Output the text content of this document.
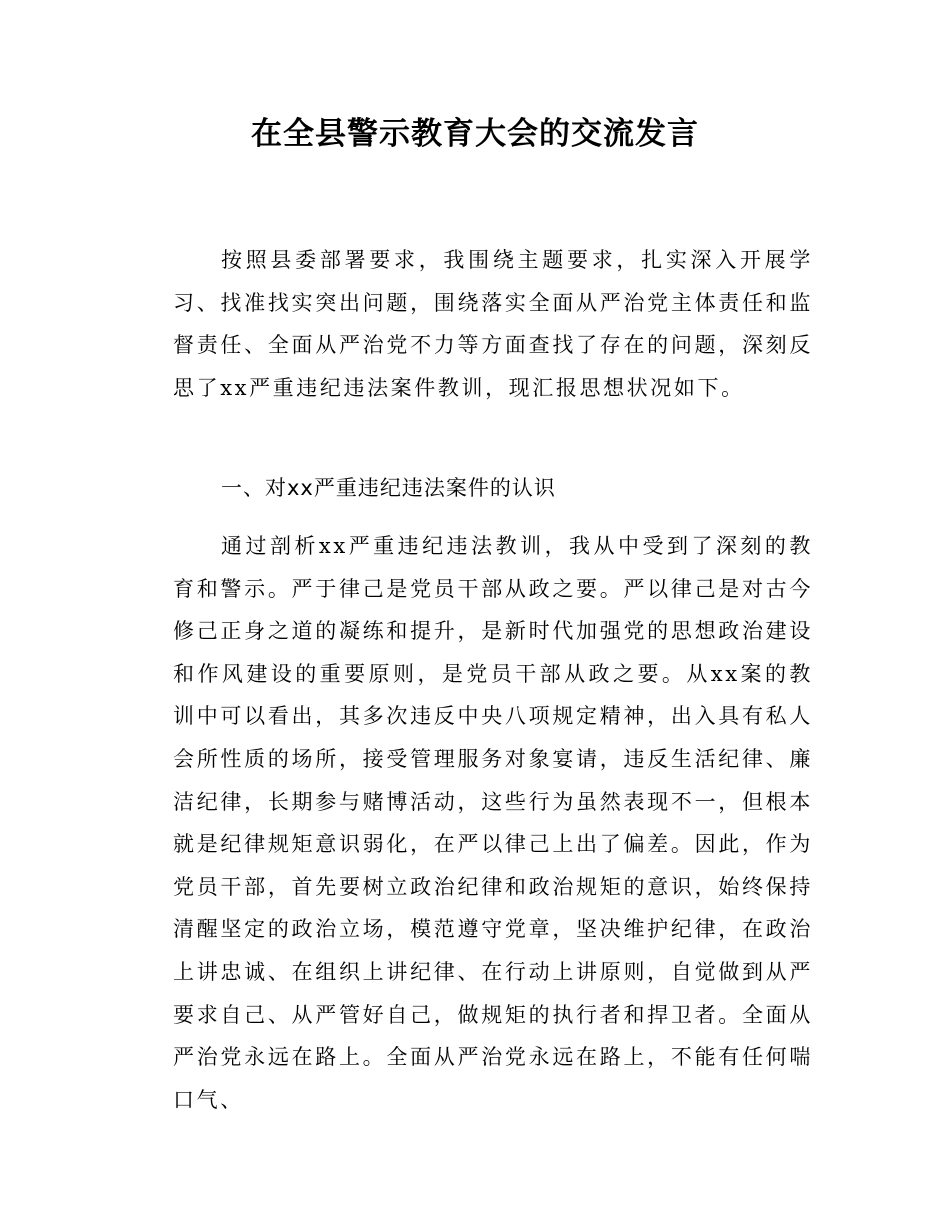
在全县警示教育大会的交流发言

按照县委部署要求，我围绕主题要求，扎实深入开展学习、找准找实突出问题，围绕落实全面从严治党主体责任和监督责任、全面从严治党不力等方面查找了存在的问题，深刻反思了xx严重违纪违法案件教训，现汇报思想状况如下。

一、对xx严重违纪违法案件的认识

通过剖析xx严重违纪违法教训，我从中受到了深刻的教育和警示。严于律己是党员干部从政之要。严以律己是对古今修己正身之道的凝练和提升，是新时代加强党的思想政治建设和作风建设的重要原则，是党员干部从政之要。从xx案的教训中可以看出，其多次违反中央八项规定精神，出入具有私人会所性质的场所，接受管理服务对象宴请，违反生活纪律、廉洁纪律，长期参与赌博活动，这些行为虽然表现不一，但根本就是纪律规矩意识弱化，在严以律己上出了偏差。因此，作为党员干部，首先要树立政治纪律和政治规矩的意识，始终保持清醒坚定的政治立场，模范遵守党章，坚决维护纪律，在政治上讲忠诚、在组织上讲纪律、在行动上讲原则，自觉做到从严要求自己、从严管好自己，做规矩的执行者和捍卫者。全面从严治党永远在路上。全面从严治党永远在路上，不能有任何喘口气、
